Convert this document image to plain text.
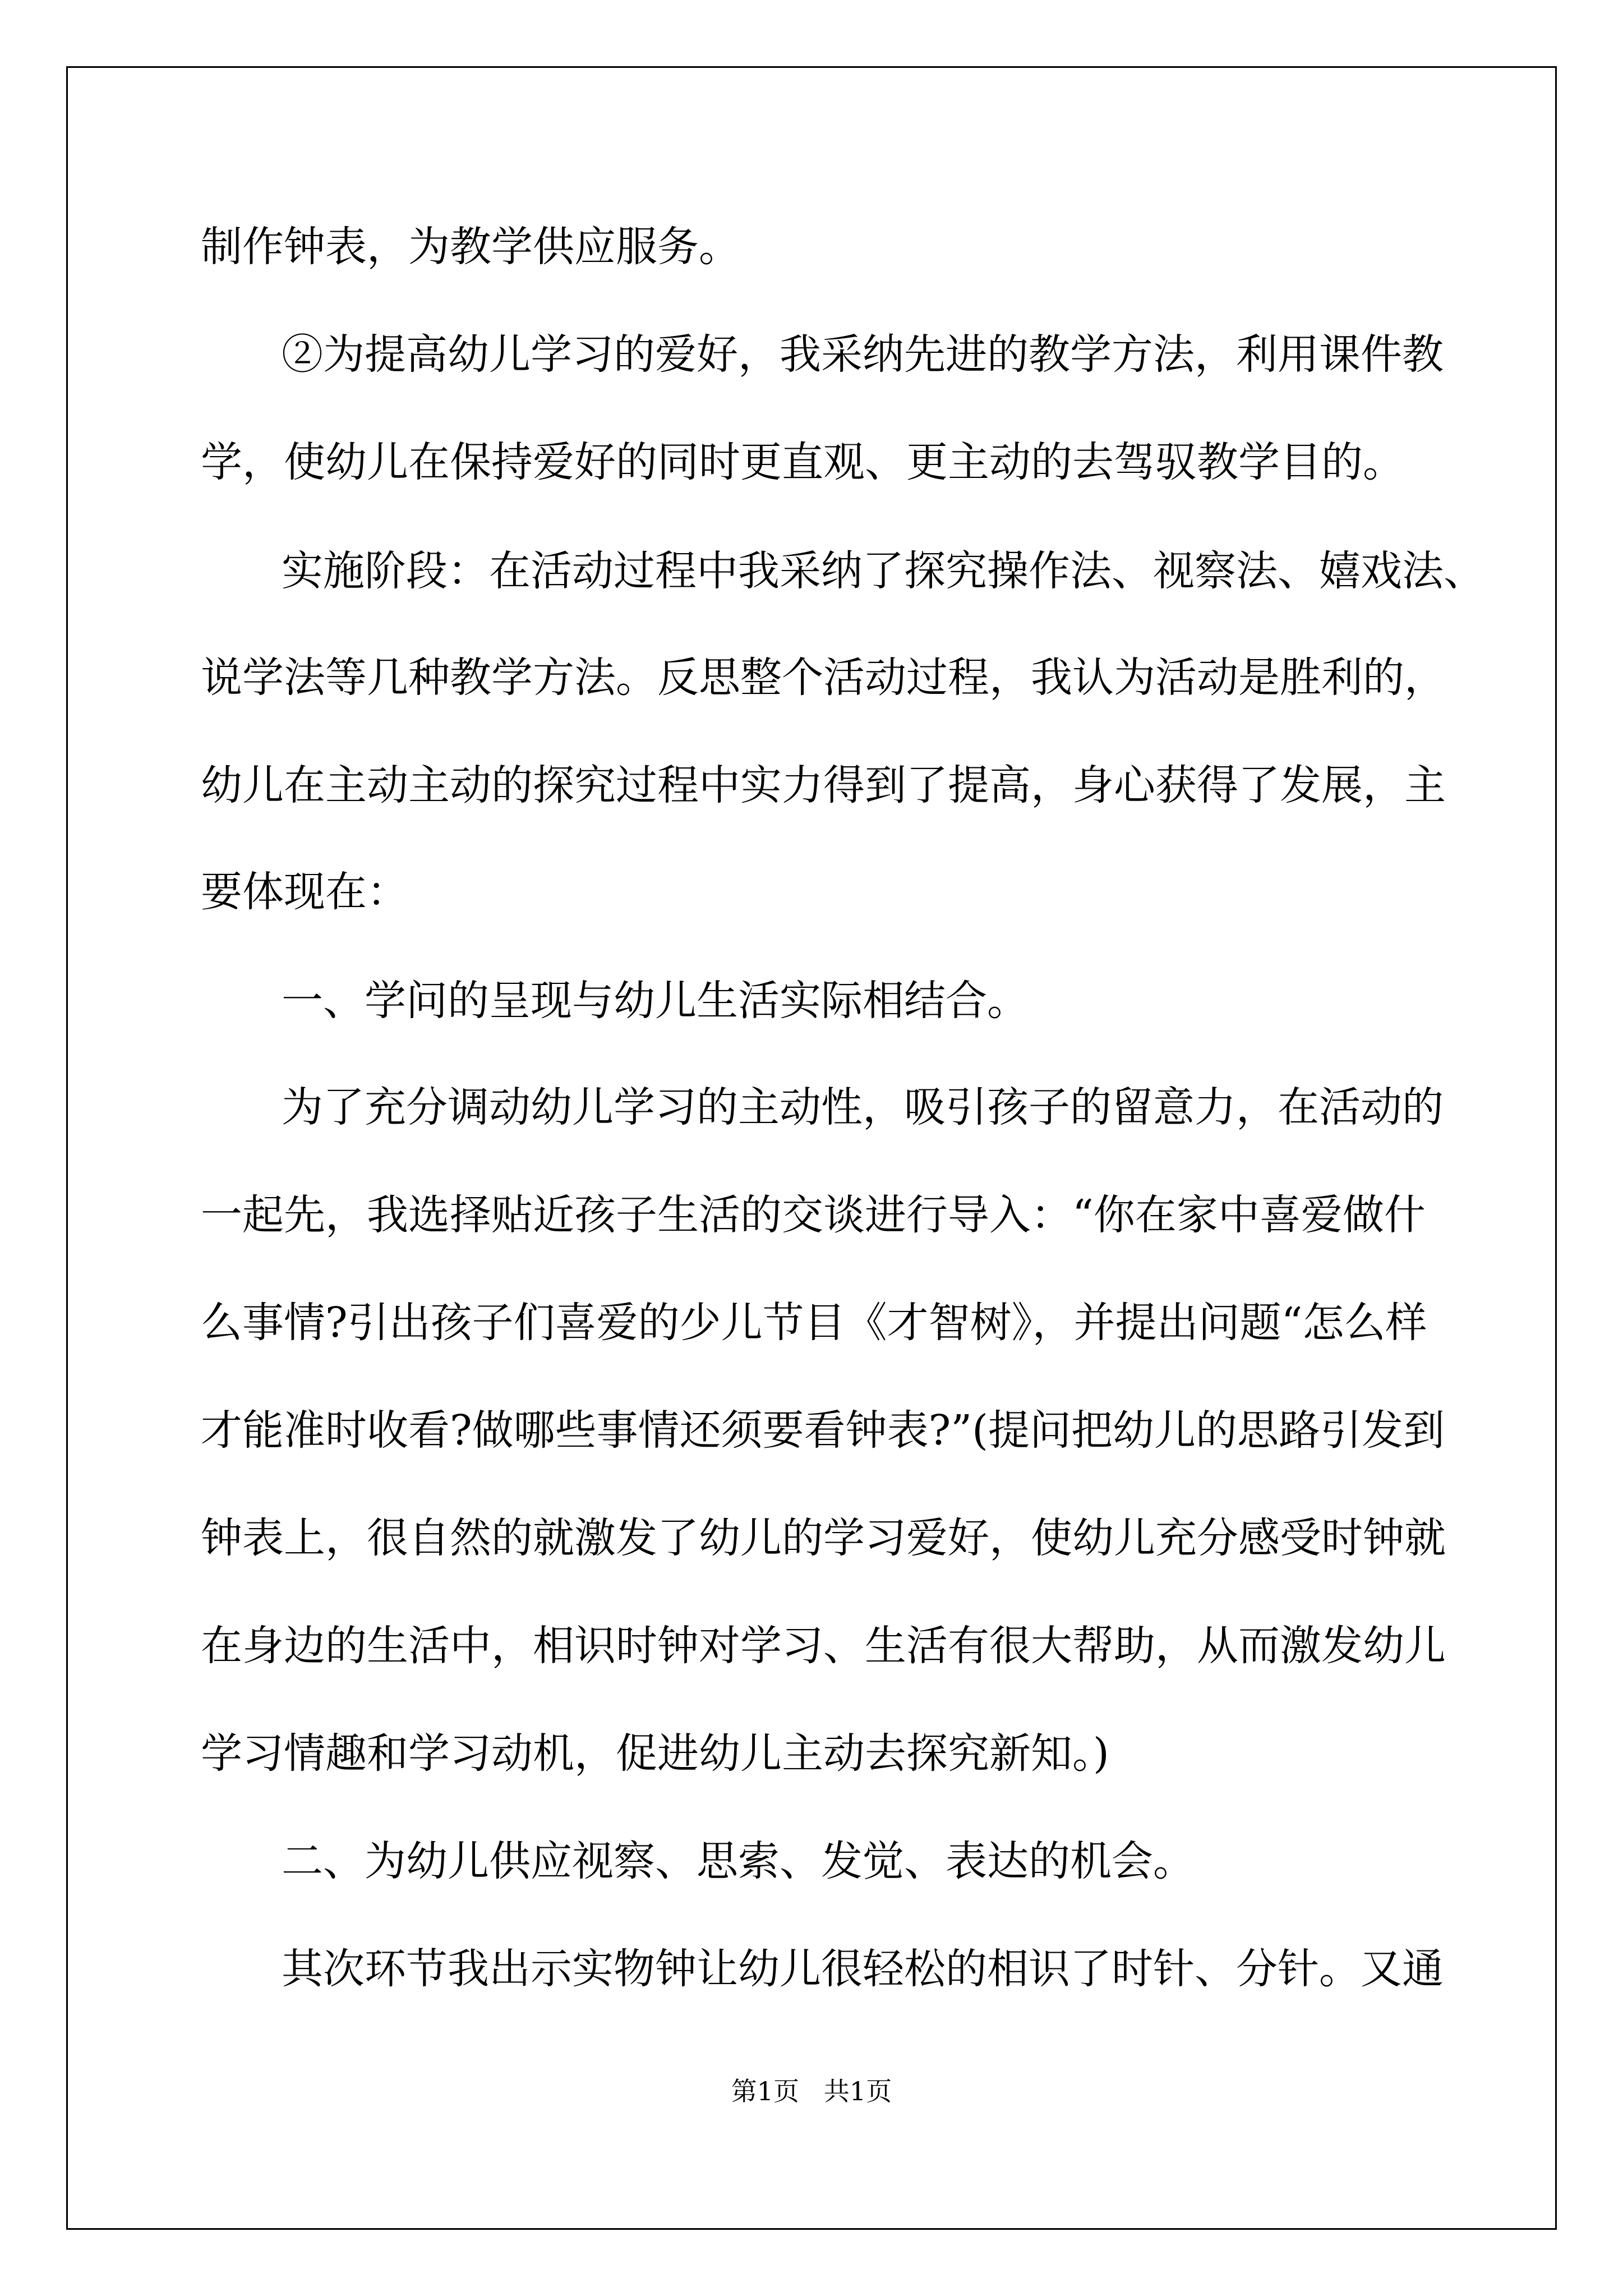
制作钟表，为教学供应服务。
②为提高幼儿学习的爱好，我采纳先进的教学方法，利用课件教
学，使幼儿在保持爱好的同时更直观、更主动的去驾驭教学目的。
实施阶段：在活动过程中我采纳了探究操作法、视察法、嬉戏法、
说学法等几种教学方法。反思整个活动过程，我认为活动是胜利的，
幼儿在主动主动的探究过程中实力得到了提高，身心获得了发展，主
要体现在：
一、学问的呈现与幼儿生活实际相结合。
为了充分调动幼儿学习的主动性，吸引孩子的留意力，在活动的
一起先，我选择贴近孩子生活的交谈进行导入：“你在家中喜爱做什
么事情?引出孩子们喜爱的少儿节目《才智树》，并提出问题“怎么样
才能准时收看?做哪些事情还须要看钟表?”(提问把幼儿的思路引发到
钟表上，很自然的就激发了幼儿的学习爱好，使幼儿充分感受时钟就
在身边的生活中，相识时钟对学习、生活有很大帮助，从而激发幼儿
学习情趣和学习动机，促进幼儿主动去探究新知。)
二、为幼儿供应视察、思索、发觉、表达的机会。
其次环节我出示实物钟让幼儿很轻松的相识了时针、分针。又通
第1页   共1页
